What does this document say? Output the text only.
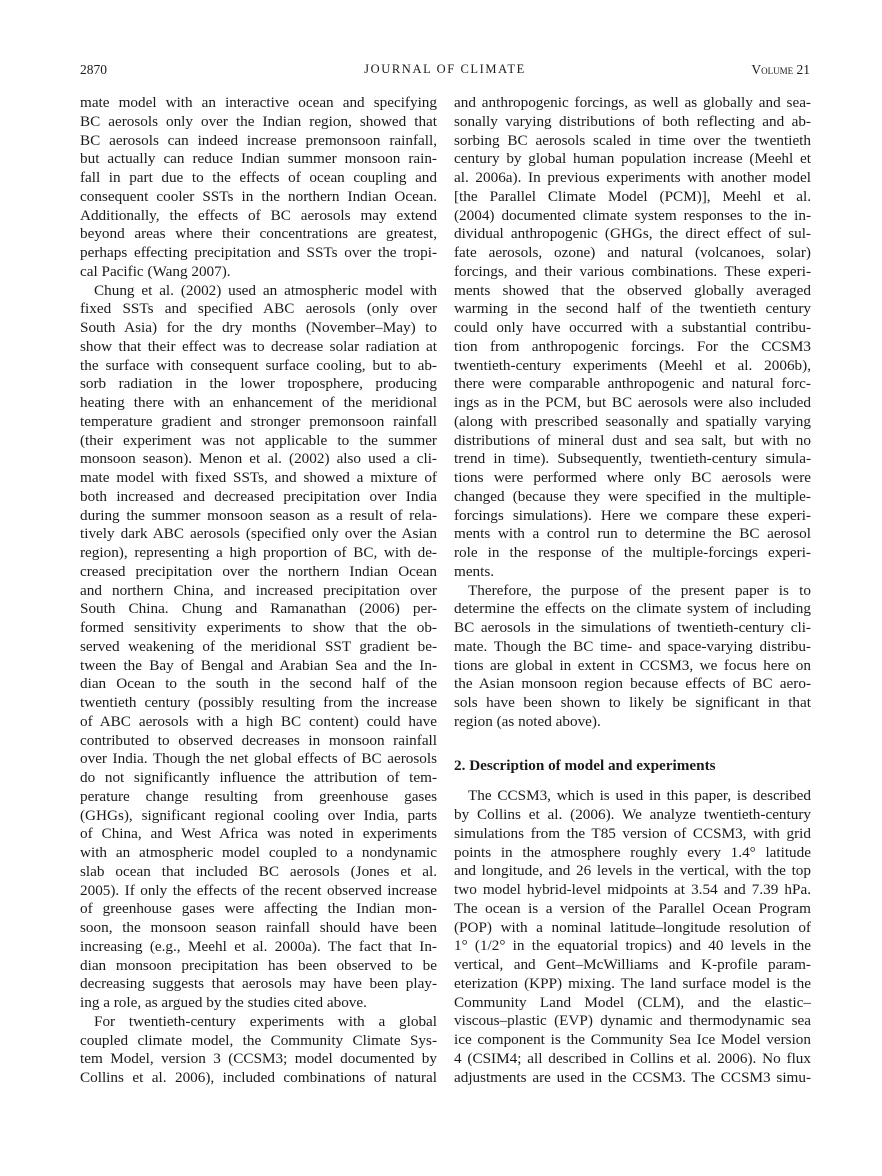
2870	JOURNAL OF CLIMATE	Volume 21
mate model with an interactive ocean and specifying
BC aerosols only over the Indian region, showed that
BC aerosols can indeed increase premonsoon rainfall,
but actually can reduce Indian summer monsoon rain-
fall in part due to the effects of ocean coupling and
consequent cooler SSTs in the northern Indian Ocean.
Additionally, the effects of BC aerosols may extend
beyond areas where their concentrations are greatest,
perhaps effecting precipitation and SSTs over the tropi-
cal Pacific (Wang 2007).
Chung et al. (2002) used an atmospheric model with
fixed SSTs and specified ABC aerosols (only over
South Asia) for the dry months (November–May) to
show that their effect was to decrease solar radiation at
the surface with consequent surface cooling, but to ab-
sorb radiation in the lower troposphere, producing
heating there with an enhancement of the meridional
temperature gradient and stronger premonsoon rainfall
(their experiment was not applicable to the summer
monsoon season). Menon et al. (2002) also used a cli-
mate model with fixed SSTs, and showed a mixture of
both increased and decreased precipitation over India
during the summer monsoon season as a result of rela-
tively dark ABC aerosols (specified only over the Asian
region), representing a high proportion of BC, with de-
creased precipitation over the northern Indian Ocean
and northern China, and increased precipitation over
South China. Chung and Ramanathan (2006) per-
formed sensitivity experiments to show that the ob-
served weakening of the meridional SST gradient be-
tween the Bay of Bengal and Arabian Sea and the In-
dian Ocean to the south in the second half of the
twentieth century (possibly resulting from the increase
of ABC aerosols with a high BC content) could have
contributed to observed decreases in monsoon rainfall
over India. Though the net global effects of BC aerosols
do not significantly influence the attribution of tem-
perature change resulting from greenhouse gases
(GHGs), significant regional cooling over India, parts
of China, and West Africa was noted in experiments
with an atmospheric model coupled to a nondynamic
slab ocean that included BC aerosols (Jones et al.
2005). If only the effects of the recent observed increase
of greenhouse gases were affecting the Indian mon-
soon, the monsoon season rainfall should have been
increasing (e.g., Meehl et al. 2000a). The fact that In-
dian monsoon precipitation has been observed to be
decreasing suggests that aerosols may have been play-
ing a role, as argued by the studies cited above.
For twentieth-century experiments with a global
coupled climate model, the Community Climate Sys-
tem Model, version 3 (CCSM3; model documented by
Collins et al. 2006), included combinations of natural
and anthropogenic forcings, as well as globally and sea-
sonally varying distributions of both reflecting and ab-
sorbing BC aerosols scaled in time over the twentieth
century by global human population increase (Meehl et
al. 2006a). In previous experiments with another model
[the Parallel Climate Model (PCM)], Meehl et al.
(2004) documented climate system responses to the in-
dividual anthropogenic (GHGs, the direct effect of sul-
fate aerosols, ozone) and natural (volcanoes, solar)
forcings, and their various combinations. These experi-
ments showed that the observed globally averaged
warming in the second half of the twentieth century
could only have occurred with a substantial contribu-
tion from anthropogenic forcings. For the CCSM3
twentieth-century experiments (Meehl et al. 2006b),
there were comparable anthropogenic and natural forc-
ings as in the PCM, but BC aerosols were also included
(along with prescribed seasonally and spatially varying
distributions of mineral dust and sea salt, but with no
trend in time). Subsequently, twentieth-century simula-
tions were performed where only BC aerosols were
changed (because they were specified in the multiple-
forcings simulations). Here we compare these experi-
ments with a control run to determine the BC aerosol
role in the response of the multiple-forcings experi-
ments.
Therefore, the purpose of the present paper is to
determine the effects on the climate system of including
BC aerosols in the simulations of twentieth-century cli-
mate. Though the BC time- and space-varying distribu-
tions are global in extent in CCSM3, we focus here on
the Asian monsoon region because effects of BC aero-
sols have been shown to likely be significant in that
region (as noted above).
2. Description of model and experiments
The CCSM3, which is used in this paper, is described
by Collins et al. (2006). We analyze twentieth-century
simulations from the T85 version of CCSM3, with grid
points in the atmosphere roughly every 1.4° latitude
and longitude, and 26 levels in the vertical, with the top
two model hybrid-level midpoints at 3.54 and 7.39 hPa.
The ocean is a version of the Parallel Ocean Program
(POP) with a nominal latitude–longitude resolution of
1° (1/2° in the equatorial tropics) and 40 levels in the
vertical, and Gent–McWilliams and K-profile param-
eterization (KPP) mixing. The land surface model is the
Community Land Model (CLM), and the elastic–
viscous–plastic (EVP) dynamic and thermodynamic sea
ice component is the Community Sea Ice Model version
4 (CSIM4; all described in Collins et al. 2006). No flux
adjustments are used in the CCSM3. The CCSM3 simu-
